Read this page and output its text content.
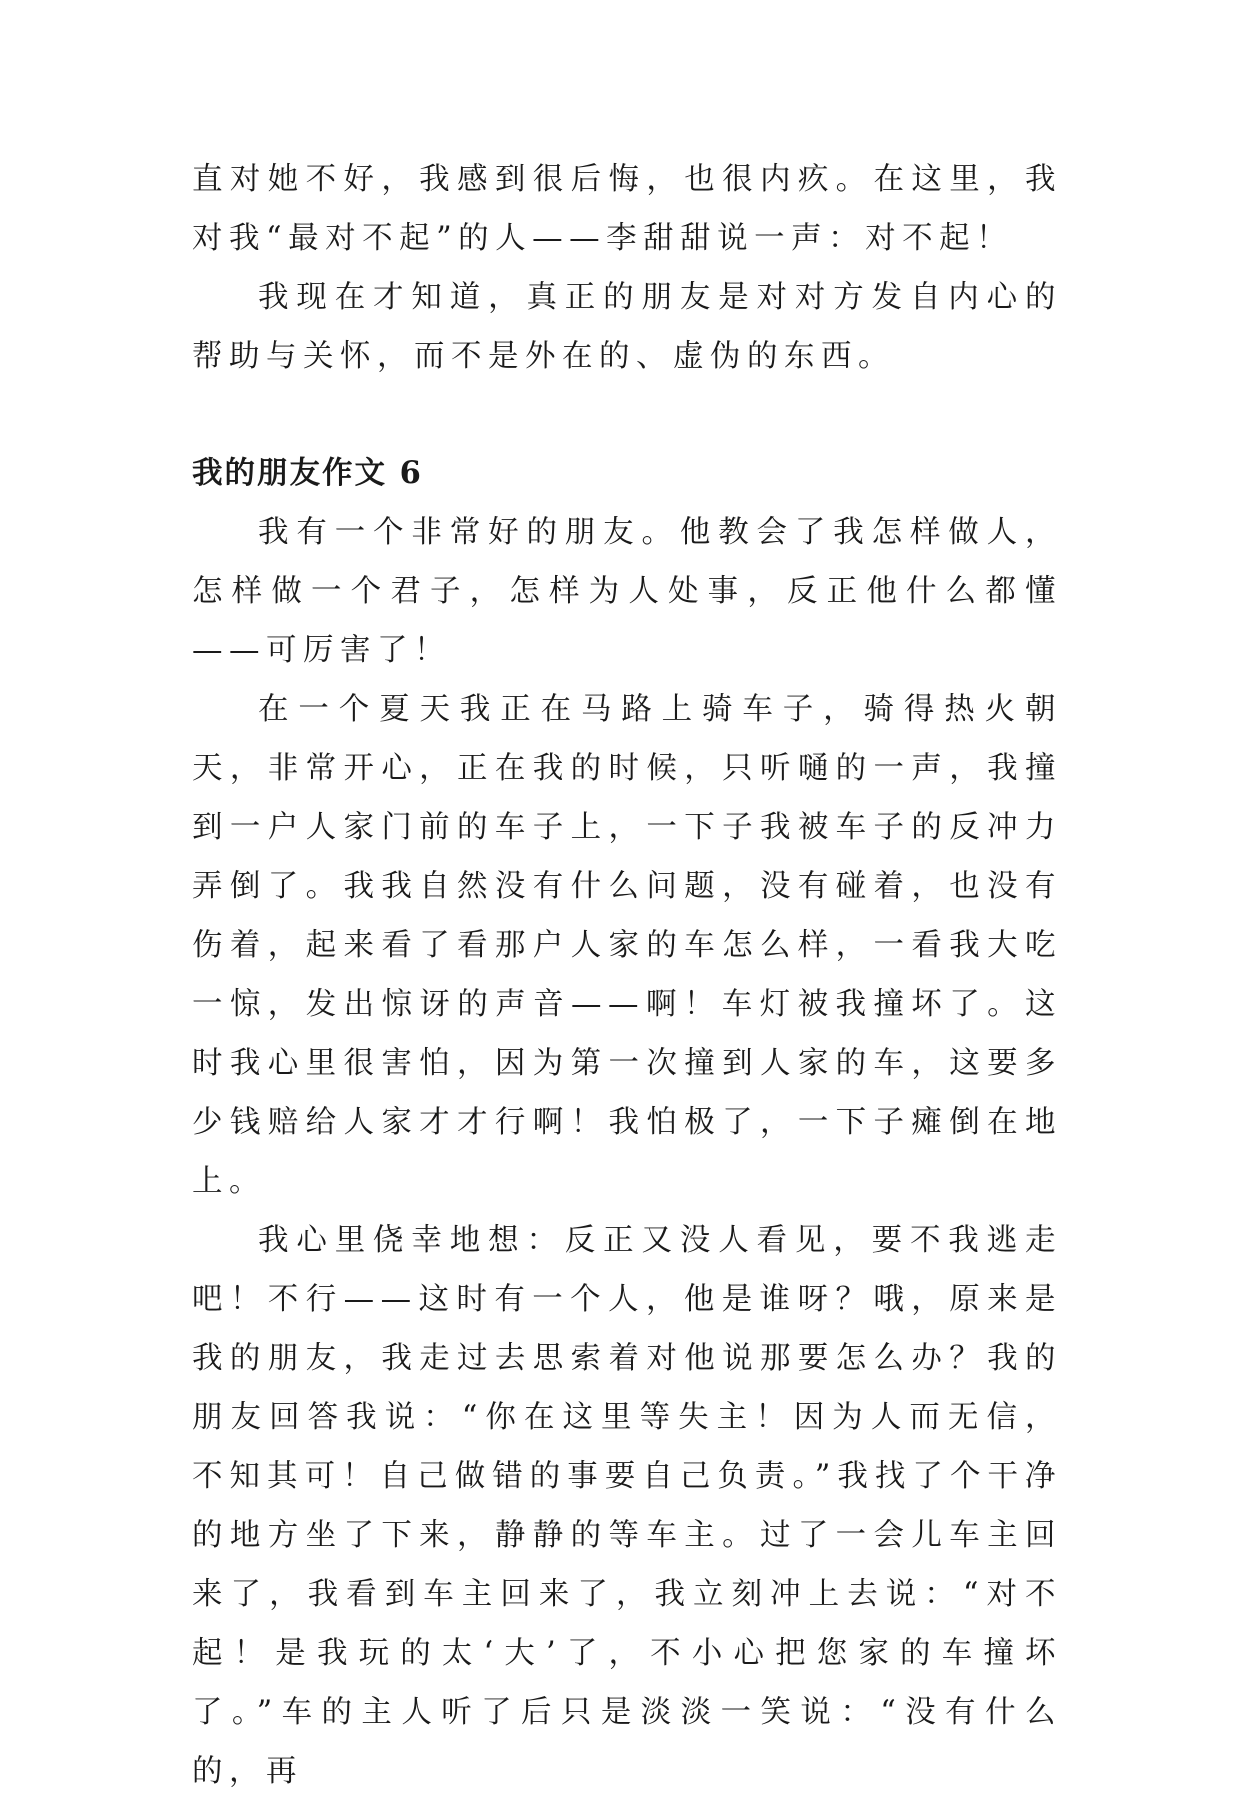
直对她不好，我感到很后悔，也很内疚。在这里，我对我“最对不起”的人——李甜甜说一声：对不起！

我现在才知道，真正的朋友是对对方发自内心的帮助与关怀，而不是外在的、虚伪的东西。

我的朋友作文 6

我有一个非常好的朋友。他教会了我怎样做人，怎样做一个君子，怎样为人处事，反正他什么都懂——可厉害了！

在一个夏天我正在马路上骑车子，骑得热火朝天，非常开心，正在我的时候，只听嗵的一声，我撞到一户人家门前的车子上，一下子我被车子的反冲力弄倒了。我我自然没有什么问题，没有碰着，也没有伤着，起来看了看那户人家的车怎么样，一看我大吃一惊，发出惊讶的声音——啊！车灯被我撞坏了。这时我心里很害怕，因为第一次撞到人家的车，这要多少钱赔给人家才才行啊！我怕极了，一下子瘫倒在地上。

我心里侥幸地想：反正又没人看见，要不我逃走吧！不行——这时有一个人，他是谁呀？哦，原来是我的朋友，我走过去思索着对他说那要怎么办？我的朋友回答我说：“你在这里等失主！因为人而无信，不知其可！自己做错的事要自己负责。”我找了个干净的地方坐了下来，静静的等车主。过了一会儿车主回来了，我看到车主回来了，我立刻冲上去说：“对不起！是我玩的太‘大’了，不小心把您家的车撞坏了。”车的主人听了后只是淡淡一笑说：“没有什么的，再
